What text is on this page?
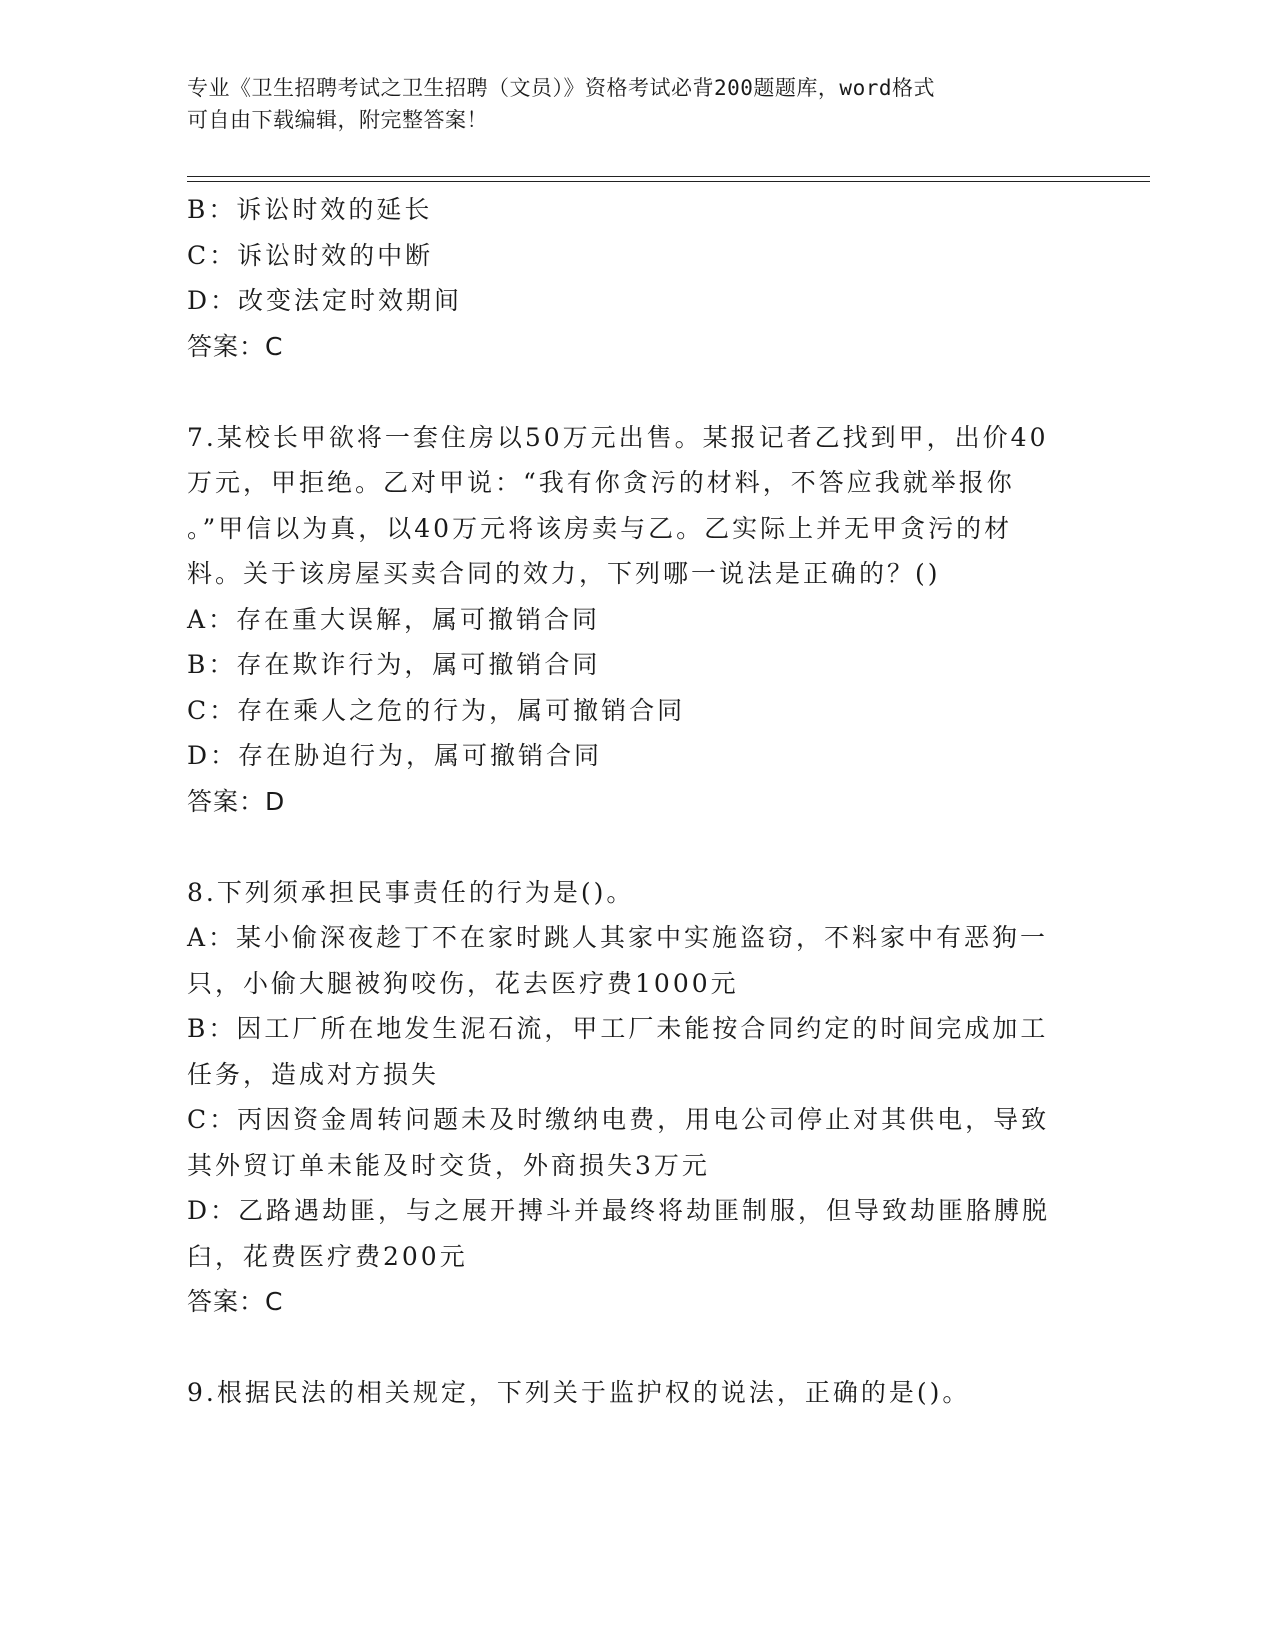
专业《卫生招聘考试之卫生招聘（文员）》资格考试必背200题题库，word格式
可自由下载编辑，附完整答案！
B：诉讼时效的延长
C：诉讼时效的中断
D：改变法定时效期间
答案：C
7.某校长甲欲将一套住房以50万元出售。某报记者乙找到甲，出价40
万元，甲拒绝。乙对甲说：“我有你贪污的材料，不答应我就举报你
。”甲信以为真，以40万元将该房卖与乙。乙实际上并无甲贪污的材
料。关于该房屋买卖合同的效力，下列哪一说法是正确的？()
A：存在重大误解，属可撤销合同
B：存在欺诈行为，属可撤销合同
C：存在乘人之危的行为，属可撤销合同
D：存在胁迫行为，属可撤销合同
答案：D
8.下列须承担民事责任的行为是()。
A：某小偷深夜趁丁不在家时跳人其家中实施盗窃，不料家中有恶狗一
只，小偷大腿被狗咬伤，花去医疗费1000元
B：因工厂所在地发生泥石流，甲工厂未能按合同约定的时间完成加工
任务，造成对方损失
C：丙因资金周转问题未及时缴纳电费，用电公司停止对其供电，导致
其外贸订单未能及时交货，外商损失3万元
D：乙路遇劫匪，与之展开搏斗并最终将劫匪制服，但导致劫匪胳膊脱
臼，花费医疗费200元
答案：C
9.根据民法的相关规定，下列关于监护权的说法，正确的是()。
